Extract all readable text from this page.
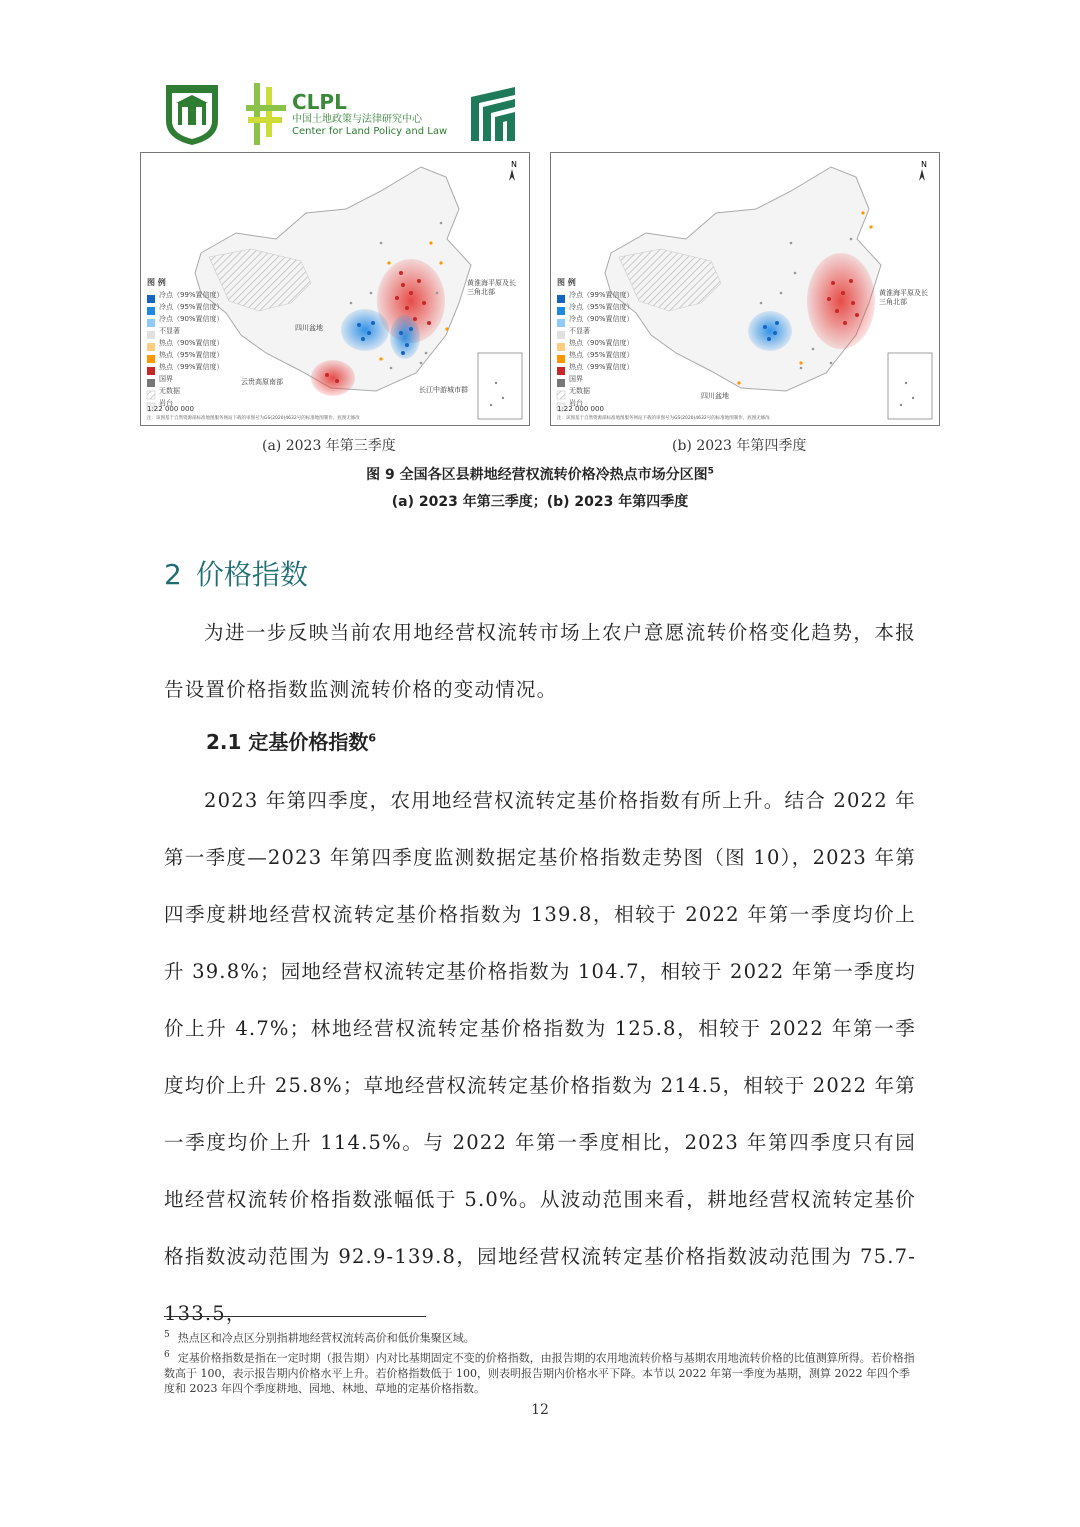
CLPL
中国土地政策与法律研究中心
Center for Land Policy and Law
N
图 例
冷点（99%置信度）
冷点（95%置信度）
冷点（90%置信度）
不显著
热点（90%置信度）
热点（95%置信度）
热点（99%置信度）
国界
无数据
岩台
黄淮海平原及长三角北部
四川盆地
云贵高原南部
长江中游城市群
1:22 000 000
注：该图基于自然资源部标准地图服务网站下载的审图号为GS(2020)4632号的标准地图制作，底图无修改
N
图 例
冷点（99%置信度）
冷点（95%置信度）
冷点（90%置信度）
不显著
热点（90%置信度）
热点（95%置信度）
热点（99%置信度）
国界
无数据
岩台
黄淮海平原及长三角北部
四川盆地
1:22 000 000
注：该图基于自然资源部标准地图服务网站下载的审图号为GS(2020)4632号的标准地图制作，底图无修改
(a) 2023 年第三季度	(b) 2023 年第四季度
图 9 全国各区县耕地经营权流转价格冷热点市场分区图$^5$
(a) 2023 年第三季度；(b) 2023 年第四季度
2 价格指数
为进一步反映当前农用地经营权流转市场上农户意愿流转价格变化趋势，本报告设置价格指数监测流转价格的变动情况。
2.1 定基价格指数$^6$
2023 年第四季度，农用地经营权流转定基价格指数有所上升。结合 2022 年第一季度—2023 年第四季度监测数据定基价格指数走势图（图 10），2023 年第四季度耕地经营权流转定基价格指数为 139.8，相较于 2022 年第一季度均价上升 39.8%；园地经营权流转定基价格指数为 104.7，相较于 2022 年第一季度均价上升 4.7%；林地经营权流转定基价格指数为 125.8，相较于 2022 年第一季度均价上升 25.8%；草地经营权流转定基价格指数为 214.5，相较于 2022 年第一季度均价上升 114.5%。与 2022 年第一季度相比，2023 年第四季度只有园地经营权流转价格指数涨幅低于 5.0%。从波动范围来看，耕地经营权流转定基价格指数波动范围为 92.9-139.8，园地经营权流转定基价格指数波动范围为 75.7-133.5，
$^5$ 热点区和冷点区分别指耕地经营权流转高价和低价集聚区域。
$^6$ 定基价格指数是指在一定时期（报告期）内对比基期固定不变的价格指数，由报告期的农用地流转价格与基期农用地流转价格的比值测算所得。若价格指数高于 100，表示报告期内价格水平上升。若价格指数低于 100，则表明报告期内价格水平下降。本节以 2022 年第一季度为基期，测算 2022 年四个季度和 2023 年四个季度耕地、园地、林地、草地的定基价格指数。
12
